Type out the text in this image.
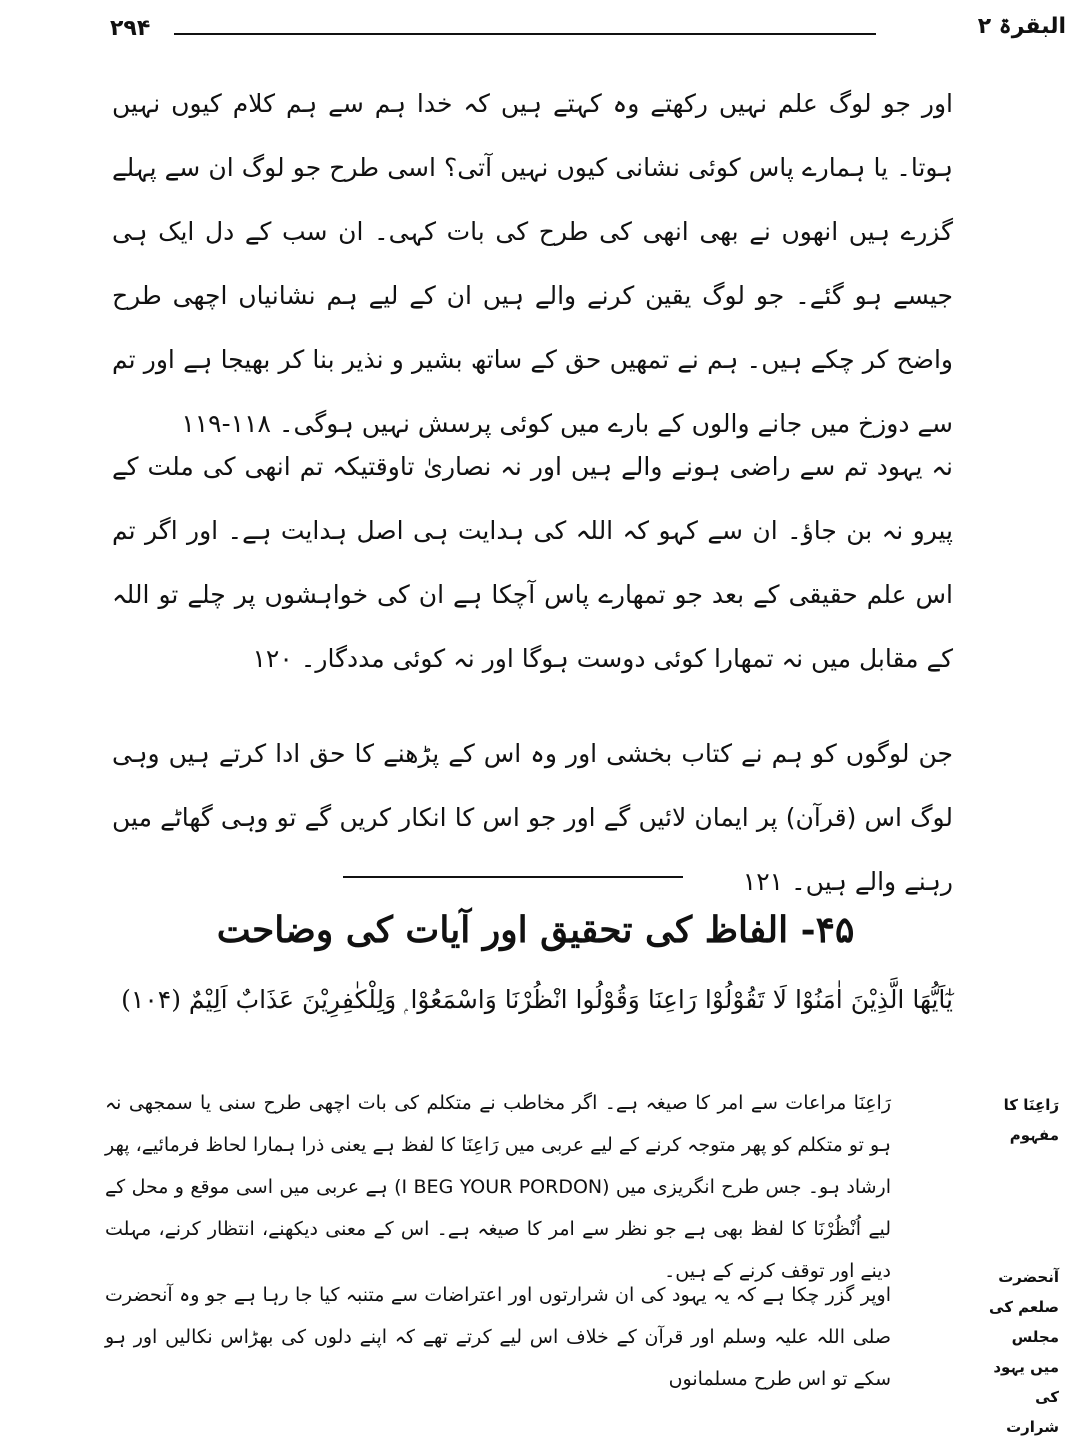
۲۹۴	البقرۃ ۲

اور جو لوگ علم نہیں رکھتے وہ کہتے ہیں کہ خدا ہم سے ہم کلام کیوں نہیں ہوتا۔ یا ہمارے پاس کوئی نشانی کیوں نہیں آتی؟ اسی طرح جو لوگ ان سے پہلے گزرے ہیں انھوں نے بھی انھی کی طرح کی بات کہی۔ ان سب کے دل ایک ہی جیسے ہو گئے۔ جو لوگ یقین کرنے والے ہیں ان کے لیے ہم نشانیاں اچھی طرح واضح کر چکے ہیں۔ ہم نے تمھیں حق کے ساتھ بشیر و نذیر بنا کر بھیجا ہے اور تم سے دوزخ میں جانے والوں کے بارے میں کوئی پرسش نہیں ہوگی۔ ۱۱۸-۱۱۹

نہ یہود تم سے راضی ہونے والے ہیں اور نہ نصاریٰ تاوقتیکہ تم انھی کی ملت کے پیرو نہ بن جاؤ۔ ان سے کہو کہ اللہ کی ہدایت ہی اصل ہدایت ہے۔ اور اگر تم اس علم حقیقی کے بعد جو تمھارے پاس آچکا ہے ان کی خواہشوں پر چلے تو اللہ کے مقابل میں نہ تمھارا کوئی دوست ہوگا اور نہ کوئی مددگار۔ ۱۲۰

جن لوگوں کو ہم نے کتاب بخشی اور وہ اس کے پڑھنے کا حق ادا کرتے ہیں وہی لوگ اس (قرآن) پر ایمان لائیں گے اور جو اس کا انکار کریں گے تو وہی گھاٹے میں رہنے والے ہیں۔ ۱۲۱

۴۵- الفاظ کی تحقیق اور آیات کی وضاحت

یٰٓاَیُّھَا الَّذِیْنَ اٰمَنُوْا لَا تَقُوْلُوْا رَاعِنَا وَقُوْلُوا انْظُرْنَا وَاسْمَعُوْا ۭ وَلِلْکٰفِرِیْنَ عَذَابٌ اَلِیْمٌ (۱۰۴)

رَاعِنَا کا مفہوم

رَاعِنَا مراعات سے امر کا صیغہ ہے۔ اگر مخاطب نے متکلم کی بات اچھی طرح سنی یا سمجھی نہ ہو تو متکلم کو پھر متوجہ کرنے کے لیے عربی میں رَاعِنَا کا لفظ ہے یعنی ذرا ہمارا لحاظ فرمائیے، پھر ارشاد ہو۔ جس طرح انگریزی میں (I BEG YOUR PORDON) ہے عربی میں اسی موقع و محل کے لیے اُنْظُرْنَا کا لفظ بھی ہے جو نظر سے امر کا صیغہ ہے۔ اس کے معنی دیکھنے، انتظار کرنے، مہلت دینے اور توقف کرنے کے ہیں۔	آنحضرت صلعم کی مجلس میں یہود کی شرارت

اوپر گزر چکا ہے کہ یہ یہود کی ان شرارتوں اور اعتراضات سے متنبہ کیا جا رہا ہے جو وہ آنحضرت صلی اللہ علیہ وسلم اور قرآن کے خلاف اس لیے کرتے تھے کہ اپنے دلوں کی بھڑاس نکالیں اور ہو سکے تو اس طرح مسلمانوں
